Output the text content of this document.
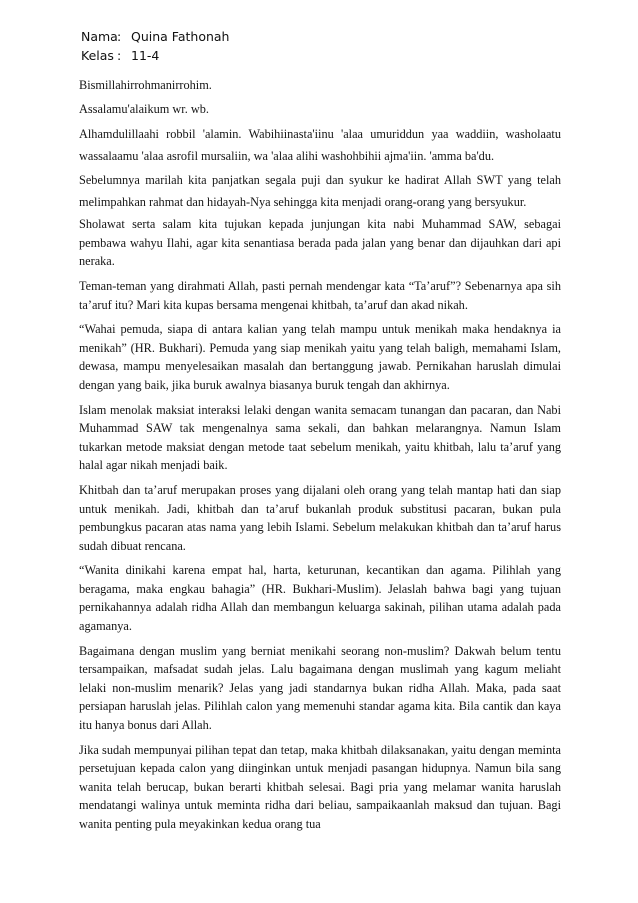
Nama : Quina Fathonah
Kelas : 11-4

Bismillahirrohmanirrohim.

Assalamu'alaikum wr. wb.

Alhamdulillaahi robbil 'alamin. Wabihiinasta'iinu 'alaa umuriddun yaa waddiin, washolaatu wassalaamu 'alaa asrofil mursaliin, wa 'alaa alihi washohbihii ajma'iin. 'amma ba'du.

Sebelumnya marilah kita panjatkan segala puji dan syukur ke hadirat Allah SWT yang telah melimpahkan rahmat dan hidayah-Nya sehingga kita menjadi orang-orang yang bersyukur.

Sholawat serta salam kita tujukan kepada junjungan kita nabi Muhammad SAW, sebagai pembawa wahyu Ilahi, agar kita senantiasa berada pada jalan yang benar dan dijauhkan dari api neraka.

Teman-teman yang dirahmati Allah, pasti pernah mendengar kata “Ta’aruf”? Sebenarnya apa sih ta’aruf itu? Mari kita kupas bersama mengenai khitbah, ta’aruf dan akad nikah.

“Wahai pemuda, siapa di antara kalian yang telah mampu untuk menikah maka hendaknya ia menikah” (HR. Bukhari). Pemuda yang siap menikah yaitu yang telah baligh, memahami Islam, dewasa, mampu menyelesaikan masalah dan bertanggung jawab. Pernikahan haruslah dimulai dengan yang baik, jika buruk awalnya biasanya buruk tengah dan akhirnya.

Islam menolak maksiat interaksi lelaki dengan wanita semacam tunangan dan pacaran, dan Nabi Muhammad SAW tak mengenalnya sama sekali, dan bahkan melarangnya. Namun Islam tukarkan metode maksiat dengan metode taat sebelum menikah, yaitu khitbah, lalu ta’aruf yang halal agar nikah menjadi baik.

Khitbah dan ta’aruf merupakan proses yang dijalani oleh orang yang telah mantap hati dan siap untuk menikah. Jadi, khitbah dan ta’aruf bukanlah produk substitusi pacaran, bukan pula pembungkus pacaran atas nama yang lebih Islami. Sebelum melakukan khitbah dan ta’aruf harus sudah dibuat rencana.

“Wanita dinikahi karena empat hal, harta, keturunan, kecantikan dan agama. Pilihlah yang beragama, maka engkau bahagia” (HR. Bukhari-Muslim). Jelaslah bahwa bagi yang tujuan pernikahannya adalah ridha Allah dan membangun keluarga sakinah, pilihan utama adalah pada agamanya.

Bagaimana dengan muslim yang berniat menikahi seorang non-muslim? Dakwah belum tentu tersampaikan, mafsadat sudah jelas. Lalu bagaimana dengan muslimah yang kagum meliaht lelaki non-muslim menarik? Jelas yang jadi standarnya bukan ridha Allah. Maka, pada saat persiapan haruslah jelas. Pilihlah calon yang memenuhi standar agama kita. Bila cantik dan kaya itu hanya bonus dari Allah.

Jika sudah mempunyai pilihan tepat dan tetap, maka khitbah dilaksanakan, yaitu dengan meminta persetujuan kepada calon yang diinginkan untuk menjadi pasangan hidupnya. Namun bila sang wanita telah berucap, bukan berarti khitbah selesai. Bagi pria yang melamar wanita haruslah mendatangi walinya untuk meminta ridha dari beliau, sampaikaanlah maksud dan tujuan. Bagi wanita penting pula meyakinkan kedua orang tua
